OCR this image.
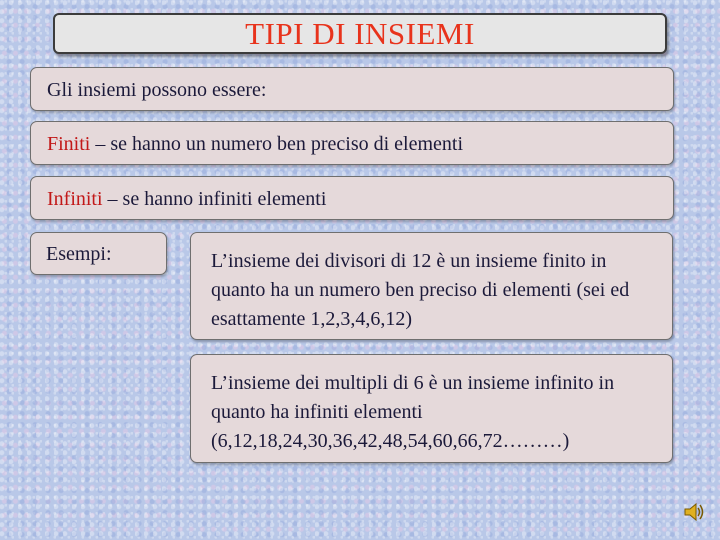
TIPI DI INSIEMI
Gli insiemi possono essere:
Finiti – se hanno un numero ben preciso di elementi
Infiniti – se hanno infiniti elementi
Esempi:	L’insieme dei divisori di 12 è un insieme finito in quanto ha un numero ben preciso di elementi (sei ed esattamente 1,2,3,4,6,12)
L’insieme dei multipli di 6 è un insieme infinito in quanto ha infiniti elementi (6,12,18,24,30,36,42,48,54,60,66,72………)
